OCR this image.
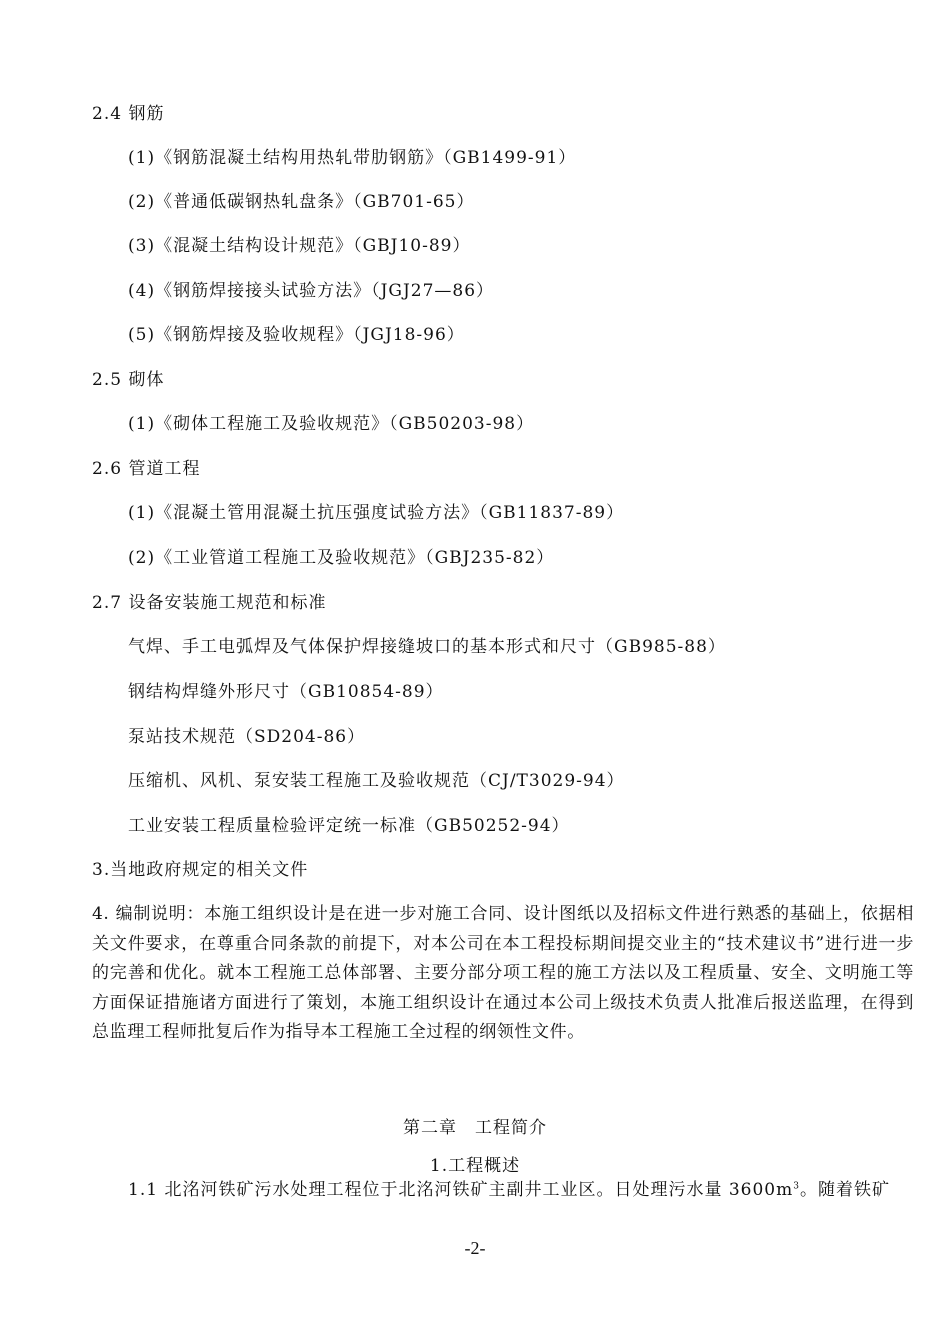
2.4 钢筋
(1)《钢筋混凝土结构用热轧带肋钢筋》（GB1499-91）
(2)《普通低碳钢热轧盘条》（GB701-65）
(3)《混凝土结构设计规范》（GBJ10-89）
(4)《钢筋焊接接头试验方法》（JGJ27—86）
(5)《钢筋焊接及验收规程》（JGJ18-96）
2.5 砌体
(1)《砌体工程施工及验收规范》（GB50203-98）
2.6 管道工程
(1)《混凝土管用混凝土抗压强度试验方法》（GB11837-89）
(2)《工业管道工程施工及验收规范》（GBJ235-82）
2.7 设备安装施工规范和标准
气焊、手工电弧焊及气体保护焊接缝坡口的基本形式和尺寸（GB985-88）
钢结构焊缝外形尺寸（GB10854-89）
泵站技术规范（SD204-86）
压缩机、风机、泵安装工程施工及验收规范（CJ/T3029-94）
工业安装工程质量检验评定统一标准（GB50252-94）
3.当地政府规定的相关文件
4. 编制说明：本施工组织设计是在进一步对施工合同、设计图纸以及招标文件进行熟悉的基础上，依据相关文件要求，在尊重合同条款的前提下，对本公司在本工程投标期间提交业主的“技术建议书”进行进一步的完善和优化。就本工程施工总体部署、主要分部分项工程的施工方法以及工程质量、安全、文明施工等方面保证措施诸方面进行了策划，本施工组织设计在通过本公司上级技术负责人批准后报送监理，在得到总监理工程师批复后作为指导本工程施工全过程的纲领性文件。
第二章　工程简介
1.工程概述
1.1 北洺河铁矿污水处理工程位于北洺河铁矿主副井工业区。日处理污水量 $3600m^3$。随着铁矿
-2-
